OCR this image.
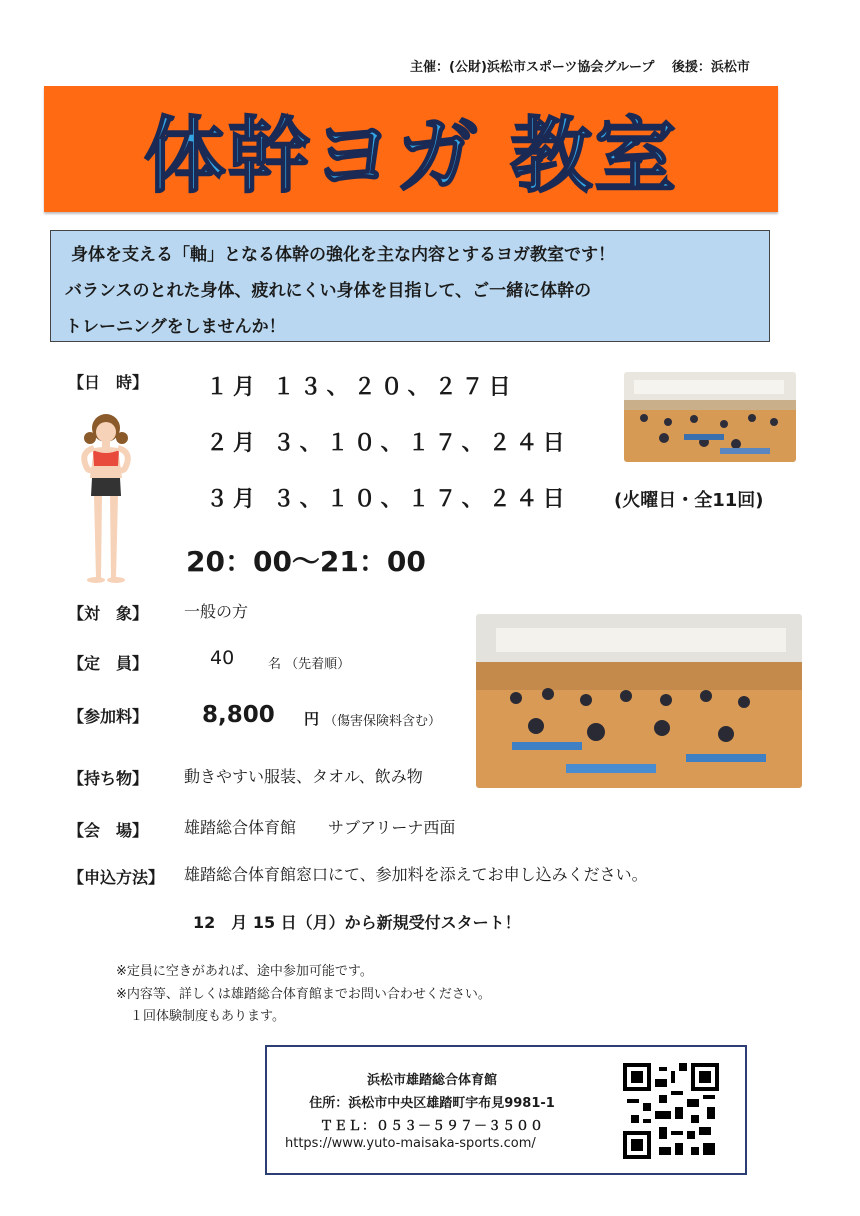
主催：(公財)浜松市スポーツ協会グループ　 後援：浜松市
体幹ヨガ 教室

身体を支える「軸」となる体幹の強化を主な内容とするヨガ教室です！

バランスのとれた身体、疲れにくい身体を目指して、ご一緒に体幹の

トレーニングをしませんか！

【日　時】	１月 １３、２０、２７日
２月 ３、１０、１７、２４日
３月 ３、１０、１７、２４日 (火曜日・全11回)
20：00～21：00
【対　象】 一般の方
【定　員】	40	名 （先着順）
【参加料】 8,800 円 （傷害保険料含む）
【持ち物】 動きやすい服装、タオル、飲み物
【会　場】 雄踏総合体育館　　サブアリーナ西面
【申込方法】 雄踏総合体育館窓口にて、参加料を添えてお申し込みください。
12　月 15 日（月）から新規受付スタート！
※定員に空きがあれば、途中参加可能です。
※内容等、詳しくは雄踏総合体育館までお問い合わせください。
１回体験制度もあります。
浜松市雄踏総合体育館
住所：浜松市中央区雄踏町宇布見9981-1
ＴＥＬ：０５３－５９７－３５００
https://www.yuto-maisaka-sports.com/
